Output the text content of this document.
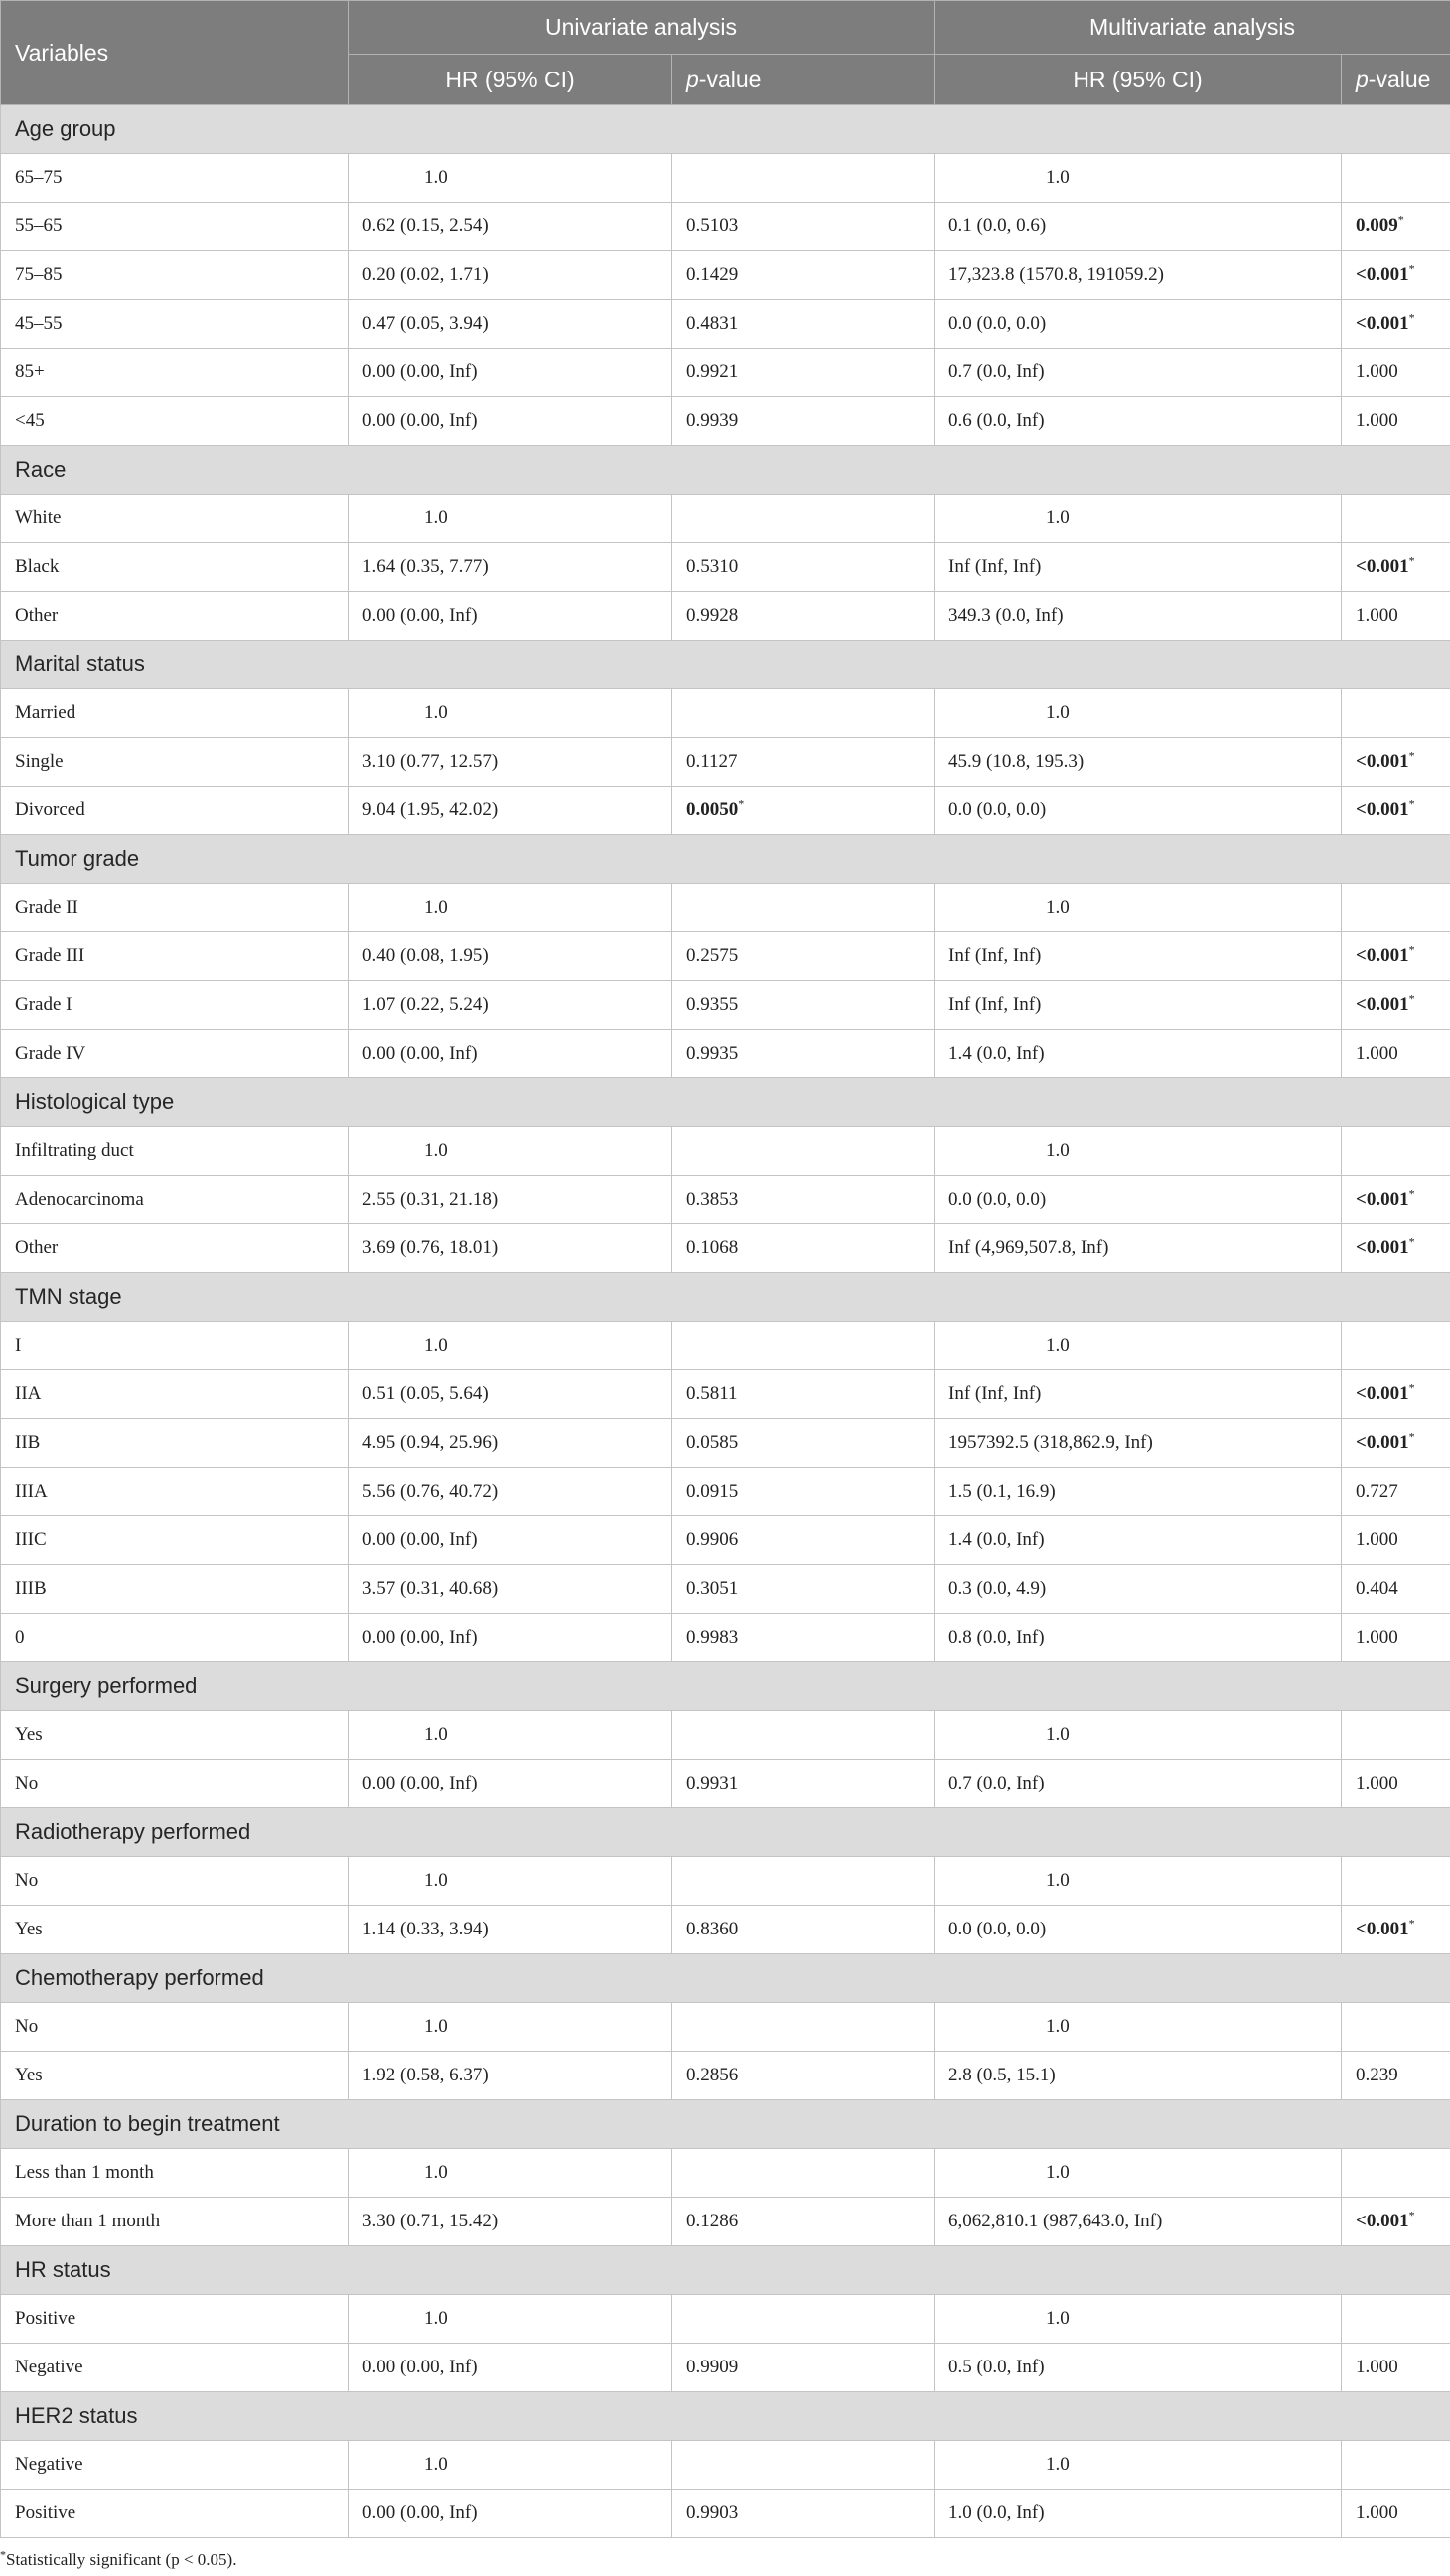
Variables	Univariate analysis		Multivariate analysis	
	HR (95% CI)	p-value	HR (95% CI)	p-value
Age group				
65–75	1.0		1.0	
55–65	0.62 (0.15, 2.54)	0.5103	0.1 (0.0, 0.6)	0.009*
75–85	0.20 (0.02, 1.71)	0.1429	17,323.8 (1570.8, 191059.2)	<0.001*
45–55	0.47 (0.05, 3.94)	0.4831	0.0 (0.0, 0.0)	<0.001*
85+	0.00 (0.00, Inf)	0.9921	0.7 (0.0, Inf)	1.000
<45	0.00 (0.00, Inf)	0.9939	0.6 (0.0, Inf)	1.000
Race				
White	1.0		1.0	
Black	1.64 (0.35, 7.77)	0.5310	Inf (Inf, Inf)	<0.001*
Other	0.00 (0.00, Inf)	0.9928	349.3 (0.0, Inf)	1.000
Marital status				
Married	1.0		1.0	
Single	3.10 (0.77, 12.57)	0.1127	45.9 (10.8, 195.3)	<0.001*
Divorced	9.04 (1.95, 42.02)	0.0050*	0.0 (0.0, 0.0)	<0.001*
Tumor grade				
Grade II	1.0		1.0	
Grade III	0.40 (0.08, 1.95)	0.2575	Inf (Inf, Inf)	<0.001*
Grade I	1.07 (0.22, 5.24)	0.9355	Inf (Inf, Inf)	<0.001*
Grade IV	0.00 (0.00, Inf)	0.9935	1.4 (0.0, Inf)	1.000
Histological type				
Infiltrating duct	1.0		1.0	
Adenocarcinoma	2.55 (0.31, 21.18)	0.3853	0.0 (0.0, 0.0)	<0.001*
Other	3.69 (0.76, 18.01)	0.1068	Inf (4,969,507.8, Inf)	<0.001*
TMN stage				
I	1.0		1.0	
IIA	0.51 (0.05, 5.64)	0.5811	Inf (Inf, Inf)	<0.001*
IIB	4.95 (0.94, 25.96)	0.0585	1957392.5 (318,862.9, Inf)	<0.001*
IIIA	5.56 (0.76, 40.72)	0.0915	1.5 (0.1, 16.9)	0.727
IIIC	0.00 (0.00, Inf)	0.9906	1.4 (0.0, Inf)	1.000
IIIB	3.57 (0.31, 40.68)	0.3051	0.3 (0.0, 4.9)	0.404
0	0.00 (0.00, Inf)	0.9983	0.8 (0.0, Inf)	1.000
Surgery performed				
Yes	1.0		1.0	
No	0.00 (0.00, Inf)	0.9931	0.7 (0.0, Inf)	1.000
Radiotherapy performed				
No	1.0		1.0	
Yes	1.14 (0.33, 3.94)	0.8360	0.0 (0.0, 0.0)	<0.001*
Chemotherapy performed				
No	1.0		1.0	
Yes	1.92 (0.58, 6.37)	0.2856	2.8 (0.5, 15.1)	0.239
Duration to begin treatment				
Less than 1 month	1.0		1.0	
More than 1 month	3.30 (0.71, 15.42)	0.1286	6,062,810.1 (987,643.0, Inf)	<0.001*
HR status				
Positive	1.0		1.0	
Negative	0.00 (0.00, Inf)	0.9909	0.5 (0.0, Inf)	1.000
HER2 status				
Negative	1.0		1.0	
Positive	0.00 (0.00, Inf)	0.9903	1.0 (0.0, Inf)	1.000
*Statistically significant (p < 0.05).
